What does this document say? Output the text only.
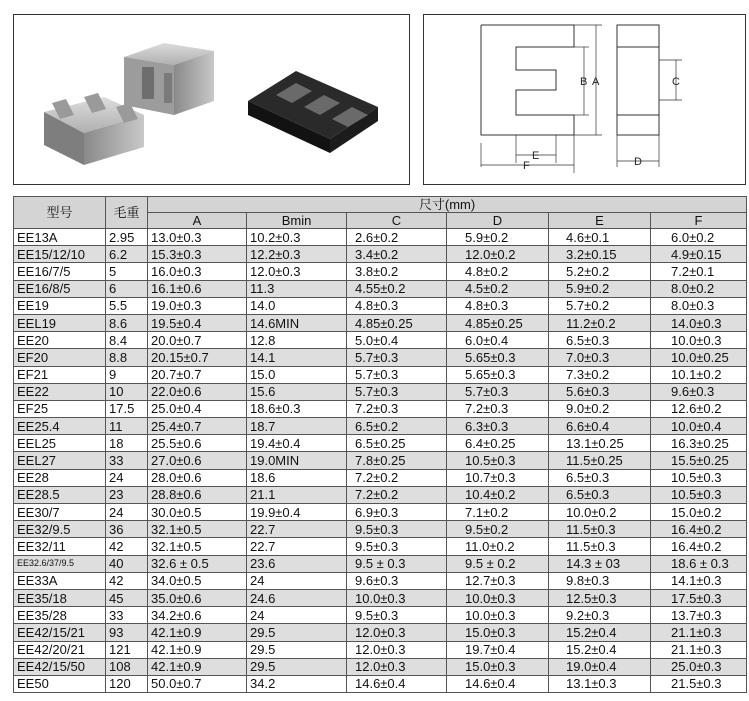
B A	C
E
F	D
型号	毛重	尺寸(mm)					
		A	Bmin	C	D	E	F
EE13A	2.95	13.0±0.3	10.2±0.3	2.6±0.2	5.9±0.2	4.6±0.1	6.0±0.2
EE15/12/10	6.2	15.3±0.3	12.2±0.3	3.4±0.2	12.0±0.2	3.2±0.15	4.9±0.15
EE16/7/5	5	16.0±0.3	12.0±0.3	3.8±0.2	4.8±0.2	5.2±0.2	7.2±0.1
EE16/8/5	6	16.1±0.6	11.3	4.55±0.2	4.5±0.2	5.9±0.2	8.0±0.2
EE19	5.5	19.0±0.3	14.0	4.8±0.3	4.8±0.3	5.7±0.2	8.0±0.3
EEL19	8.6	19.5±0.4	14.6MIN	4.85±0.25	4.85±0.25	11.2±0.2	14.0±0.3
EE20	8.4	20.0±0.7	12.8	5.0±0.4	6.0±0.4	6.5±0.3	10.0±0.3
EF20	8.8	20.15±0.7	14.1	5.7±0.3	5.65±0.3	7.0±0.3	10.0±0.25
EF21	9	20.7±0.7	15.0	5.7±0.3	5.65±0.3	7.3±0.2	10.1±0.2
EE22	10	22.0±0.6	15.6	5.7±0.3	5.7±0.3	5.6±0.3	9.6±0.3
EF25	17.5	25.0±0.4	18.6±0.3	7.2±0.3	7.2±0.3	9.0±0.2	12.6±0.2
EE25.4	11	25.4±0.7	18.7	6.5±0.2	6.3±0.3	6.6±0.4	10.0±0.4
EEL25	18	25.5±0.6	19.4±0.4	6.5±0.25	6.4±0.25	13.1±0.25	16.3±0.25
EEL27	33	27.0±0.6	19.0MIN	7.8±0.25	10.5±0.3	11.5±0.25	15.5±0.25
EE28	24	28.0±0.6	18.6	7.2±0.2	10.7±0.3	6.5±0.3	10.5±0.3
EE28.5	23	28.8±0.6	21.1	7.2±0.2	10.4±0.2	6.5±0.3	10.5±0.3
EE30/7	24	30.0±0.5	19.9±0.4	6.9±0.3	7.1±0.2	10.0±0.2	15.0±0.2
EE32/9.5	36	32.1±0.5	22.7	9.5±0.3	9.5±0.2	11.5±0.3	16.4±0.2
EE32/11	42	32.1±0.5	22.7	9.5±0.3	11.0±0.2	11.5±0.3	16.4±0.2
EE32.6/37/9.5	40	32.6 ± 0.5	23.6	9.5 ± 0.3	9.5 ± 0.2	14.3 ± 03	18.6 ± 0.3
EE33A	42	34.0±0.5	24	9.6±0.3	12.7±0.3	9.8±0.3	14.1±0.3
EE35/18	45	35.0±0.6	24.6	10.0±0.3	10.0±0.3	12.5±0.3	17.5±0.3
EE35/28	33	34.2±0.6	24	9.5±0.3	10.0±0.3	9.2±0.3	13.7±0.3
EE42/15/21	93	42.1±0.9	29.5	12.0±0.3	15.0±0.3	15.2±0.4	21.1±0.3
EE42/20/21	121	42.1±0.9	29.5	12.0±0.3	19.7±0.4	15.2±0.4	21.1±0.3
EE42/15/50	108	42.1±0.9	29.5	12.0±0.3	15.0±0.3	19.0±0.4	25.0±0.3
EE50	120	50.0±0.7	34.2	14.6±0.4	14.6±0.4	13.1±0.3	21.5±0.3
